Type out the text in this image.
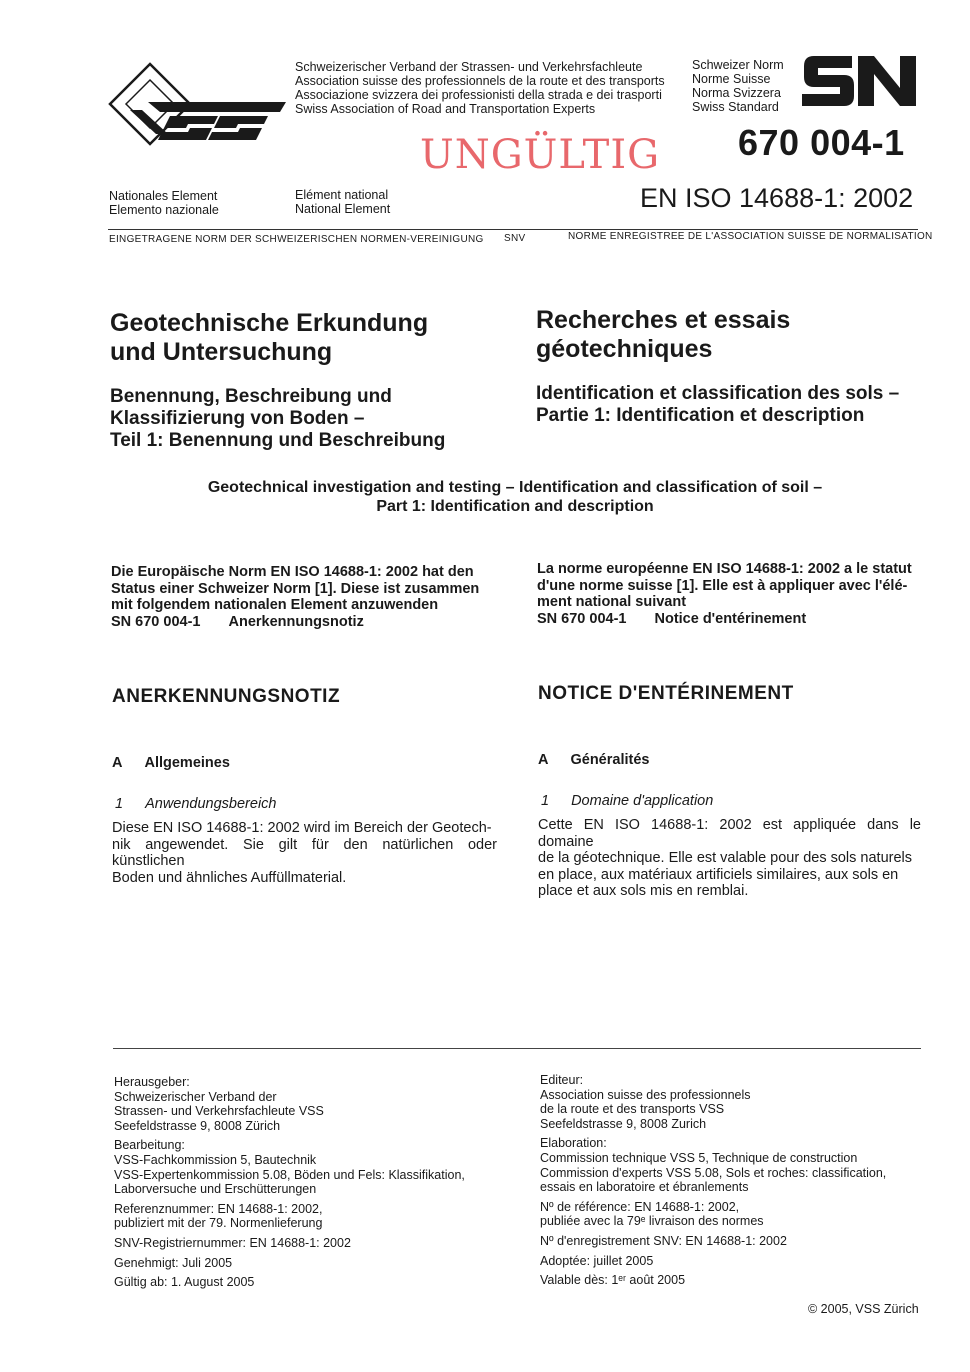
Schweizerischer Verband der Strassen- und Verkehrsfachleute
Association suisse des professionnels de la route et des transports
Associazione svizzera dei professionisti della strada e dei trasporti
Swiss Association of Road and Transportation Experts
Schweizer Norm
Norme Suisse
Norma Svizzera
Swiss Standard
UNGÜLTIG 670 004-1
Nationales Element
Elemento nazionale
Elément national
National Element	EN ISO 14688-1: 2002
EINGETRAGENE NORM DER SCHWEIZERISCHEN NORMEN-VEREINIGUNG SNV	NORME ENREGISTREE DE L'ASSOCIATION SUISSE DE NORMALISATION
Geotechnische Erkundung
und Untersuchung
Benennung, Beschreibung und
Klassifizierung von Boden –
Teil 1: Benennung und Beschreibung
Recherches et essais
géotechniques
Identification et classification des sols –
Partie 1: Identification et description
Geotechnical investigation and testing – Identification and classification of soil –
Part 1: Identification and description
Die Europäische Norm EN ISO 14688-1: 2002 hat den
Status einer Schweizer Norm [1]. Diese ist zusammen
mit folgendem nationalen Element anzuwenden
SN 670 004-1 Anerkennungsnotiz
La norme européenne EN ISO 14688-1: 2002 a le statut
d'une norme suisse [1]. Elle est à appliquer avec l'élé-
ment national suivant
SN 670 004-1 Notice d'entérinement
ANERKENNUNGSNOTIZ	NOTICE D'ENTÉRINEMENT
A Allgemeines	A Généralités
1 Anwendungsbereich	1 Domaine d'application
Diese EN ISO 14688-1: 2002 wird im Bereich der Geotech-
nik angewendet. Sie gilt für den natürlichen oder künstlichen
Boden und ähnliches Auffüllmaterial.
Cette EN ISO 14688-1: 2002 est appliquée dans le domaine
de la géotechnique. Elle est valable pour des sols naturels
en place, aux matériaux artificiels similaires, aux sols en
place et aux sols mis en remblai.
Herausgeber:
Schweizerischer Verband der
Strassen- und Verkehrsfachleute VSS
Seefeldstrasse 9, 8008 Zürich
Bearbeitung:
VSS-Fachkommission 5, Bautechnik
VSS-Expertenkommission 5.08, Böden und Fels: Klassifikation,
Laborversuche und Erschütterungen
Referenznummer: EN 14688-1: 2002,
publiziert mit der 79. Normenlieferung
SNV-Registriernummer: EN 14688-1: 2002
Genehmigt: Juli 2005
Gültig ab: 1. August 2005
Editeur:
Association suisse des professionnels
de la route et des transports VSS
Seefeldstrasse 9, 8008 Zurich
Elaboration:
Commission technique VSS 5, Technique de construction
Commission d'experts VSS 5.08, Sols et roches: classification,
essais en laboratoire et ébranlements
Nº de référence: EN 14688-1: 2002,
publiée avec la 79ᵉ livraison des normes
Nº d'enregistrement SNV: EN 14688-1: 2002
Adoptée: juillet 2005
Valable dès: 1ᵉʳ août 2005
© 2005, VSS Zürich
